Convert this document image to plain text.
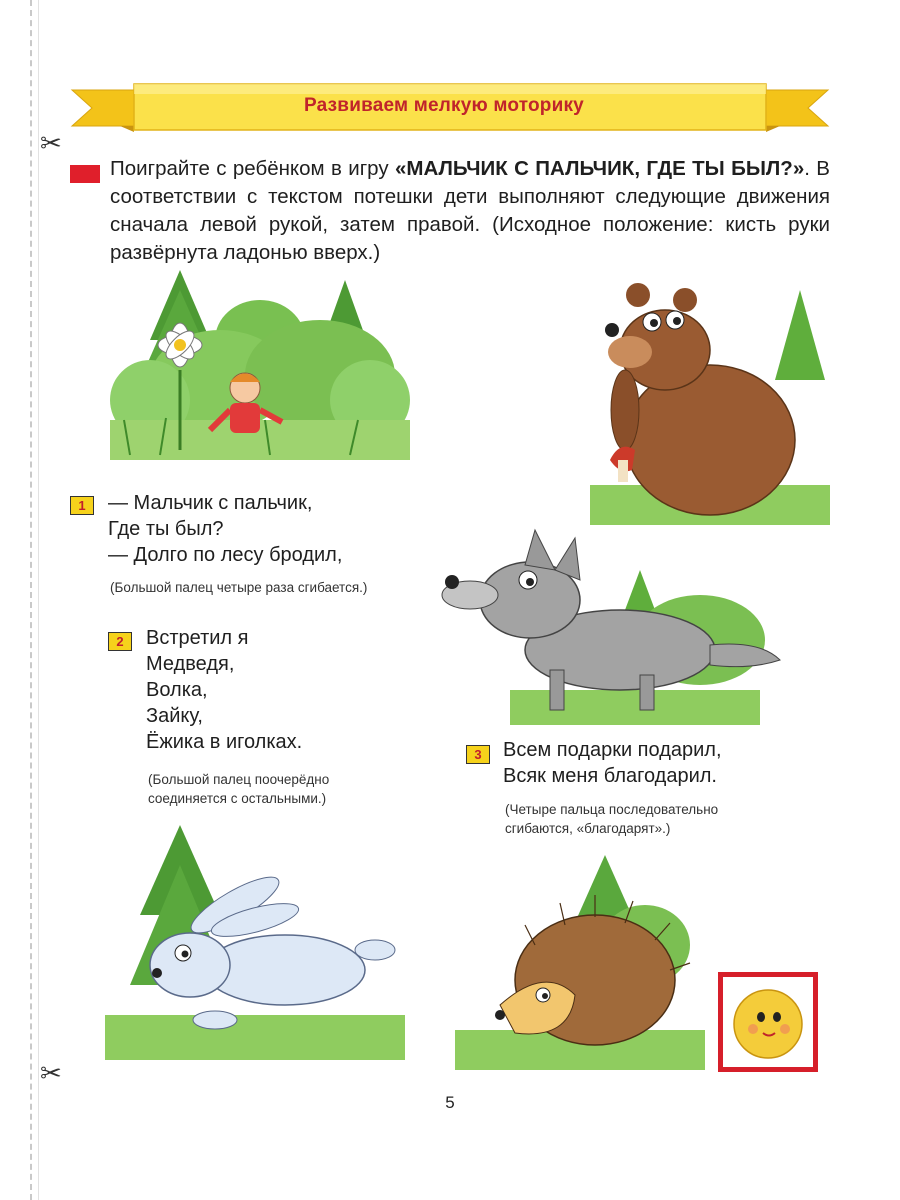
✂
✂
Развиваем мелкую моторику
Поиграйте с ребёнком в игру «МАЛЬЧИК С ПАЛЬЧИК, ГДЕ ТЫ БЫЛ?». В соответствии с текстом потешки дети выполняют следующие движения сначала левой рукой, затем правой. (Исходное положение: кисть руки развёрнута ладонью вверх.)
1	— Мальчик с пальчик,
Где ты был?
— Долго по лесу бродил,
(Большой палец четыре раза сгибается.)
2	Встретил я
Медведя,
Волка,
Зайку,
Ёжика в иголках.
(Большой палец поочерёдно
соединяется с остальными.)
3	Всем подарки подарил,
Всяк меня благодарил.
(Четыре пальца последовательно
сгибаются, «благодарят».)
5
